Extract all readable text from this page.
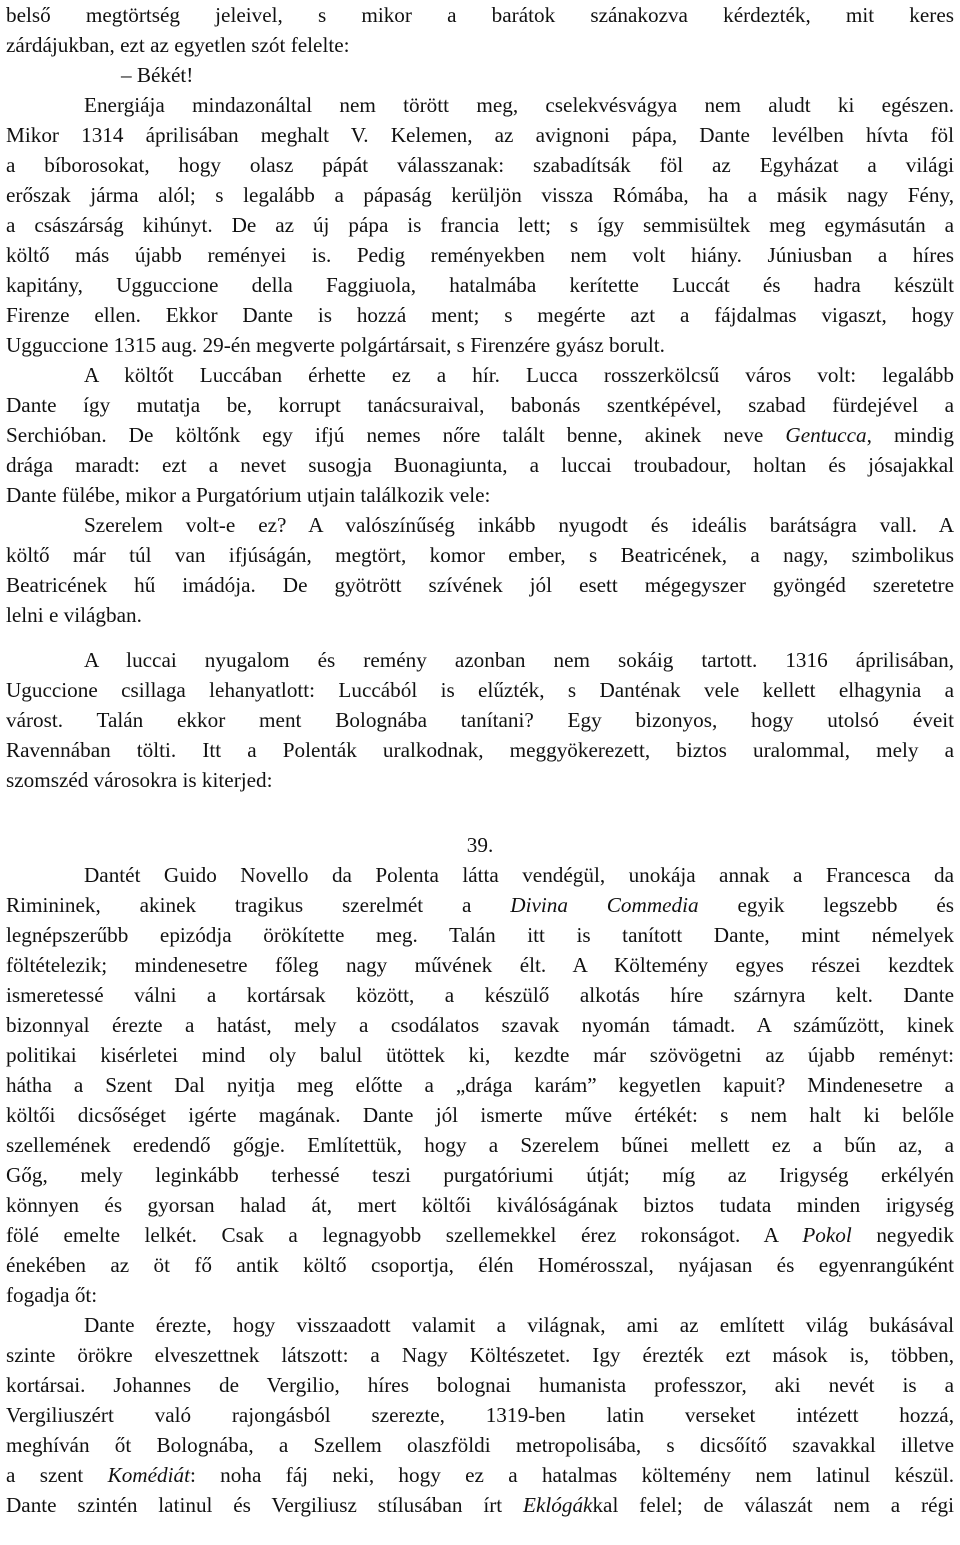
39.
belső megtörtség jeleivel, s mikor a barátok szánakozva kérdezték, mit keres
zárdájukban, ezt az egyetlen szót felelte:
– Békét!
Energiája mindazonáltal nem törött meg, cselekvésvágya nem aludt ki egészen.
Mikor 1314 áprilisában meghalt V. Kelemen, az avignoni pápa, Dante levélben hívta föl
a bíborosokat, hogy olasz pápát válasszanak: szabadítsák föl az Egyházat a világi
erőszak járma alól; s legalább a pápaság kerüljön vissza Rómába, ha a másik nagy Fény,
a császárság kihúnyt. De az új pápa is francia lett; s így semmisültek meg egymásután a
költő más újabb reményei is. Pedig reményekben nem volt hiány. Júniusban a híres
kapitány, Ugguccione della Faggiuola, hatalmába kerítette Luccát és hadra készült
Firenze ellen. Ekkor Dante is hozzá ment; s megérte azt a fájdalmas vigaszt, hogy
Ugguccione 1315 aug. 29-én megverte polgártársait, s Firenzére gyász borult.
A költőt Luccában érhette ez a hír. Lucca rosszerkölcsű város volt: legalább
Dante így mutatja be, korrupt tanácsuraival, babonás szentképével, szabad fürdejével a
Serchióban. De költőnk egy ifjú nemes nőre talált benne, akinek neve Gentucca, mindig
drága maradt: ezt a nevet susogja Buonagiunta, a luccai troubadour, holtan és jósajakkal
Dante fülébe, mikor a Purgatórium utjain találkozik vele:
Szerelem volt-e ez? A valószínűség inkább nyugodt és ideális barátságra vall. A
költő már túl van ifjúságán, megtört, komor ember, s Beatricének, a nagy, szimbolikus
Beatricének hű imádója. De gyötrött szívének jól esett mégegyszer gyöngéd szeretetre
lelni e világban.
A luccai nyugalom és remény azonban nem sokáig tartott. 1316 áprilisában,
Uguccione csillaga lehanyatlott: Luccából is elűzték, s Danténak vele kellett elhagynia a
várost. Talán ekkor ment Bolognába tanítani? Egy bizonyos, hogy utolsó éveit
Ravennában tölti. Itt a Polenták uralkodnak, meggyökerezett, biztos uralommal, mely a
szomszéd városokra is kiterjed:
Dantét Guido Novello da Polenta látta vendégül, unokája annak a Francesca da
Rimininek, akinek tragikus szerelmét a Divina Commedia egyik legszebb és
legnépszerűbb epizódja örökítette meg. Talán itt is tanított Dante, mint némelyek
föltételezik; mindenesetre főleg nagy művének élt. A Költemény egyes részei kezdtek
ismeretessé válni a kortársak között, a készülő alkotás híre szárnyra kelt. Dante
bizonnyal érezte a hatást, mely a csodálatos szavak nyomán támadt. A száműzött, kinek
politikai kisérletei mind oly balul ütöttek ki, kezdte már szövögetni az újabb reményt:
hátha a Szent Dal nyitja meg előtte a „drága karám” kegyetlen kapuit? Mindenesetre a
költői dicsőséget igérte magának. Dante jól ismerte műve értékét: s nem halt ki belőle
szellemének eredendő gőgje. Említettük, hogy a Szerelem bűnei mellett ez a bűn az, a
Gőg, mely leginkább terhessé teszi purgatóriumi útját; míg az Irigység erkélyén
könnyen és gyorsan halad át, mert költői kiválóságának biztos tudata minden irigység
fölé emelte lelkét. Csak a legnagyobb szellemekkel érez rokonságot. A Pokol negyedik
énekében az öt fő antik költő csoportja, élén Homérosszal, nyájasan és egyenrangúként
fogadja őt:
Dante érezte, hogy visszaadott valamit a világnak, ami az említett világ bukásával
szinte örökre elveszettnek látszott: a Nagy Költészetet. Igy érezték ezt mások is, többen,
kortársai. Johannes de Vergilio, híres bolognai humanista professzor, aki nevét is a
Vergiliuszért való rajongásból szerezte, 1319-ben latin verseket intézett hozzá,
meghíván őt Bolognába, a Szellem olaszföldi metropolisába, s dicsőítő szavakkal illetve
a szent Komédiát: noha fáj neki, hogy ez a hatalmas költemény nem latinul készül.
Dante szintén latinul és Vergiliusz stílusában írt Eklógákkal felel; de válaszát nem a régi
